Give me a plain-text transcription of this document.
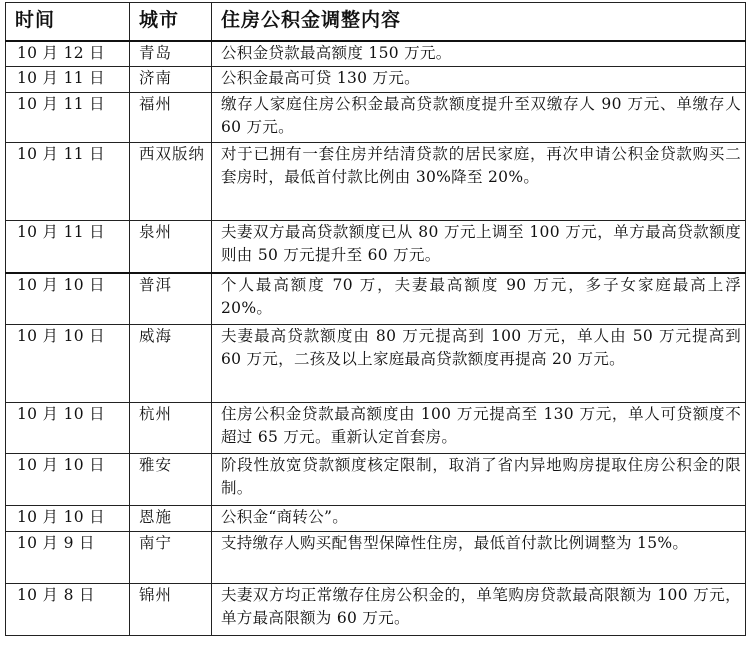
时间	城市	住房公积金调整内容
10 月 12 日	青岛	公积金贷款最高额度 150 万元。
10 月 11 日	济南	公积金最高可贷 130 万元。
10 月 11 日	福州	缴存人家庭住房公积金最高贷款额度提升至双缴存人 90 万元、单缴存人 60 万元。
10 月 11 日	西双版纳	对于已拥有一套住房并结清贷款的居民家庭，再次申请公积金贷款购买二套房时，最低首付款比例由 30%降至 20%。
10 月 11 日	泉州	夫妻双方最高贷款额度已从 80 万元上调至 100 万元，单方最高贷款额度则由 50 万元提升至 60 万元。
10 月 10 日	普洱	个人最高额度 70 万，夫妻最高额度 90 万元，多子女家庭最高上浮 20%。
10 月 10 日	威海	夫妻最高贷款额度由 80 万元提高到 100 万元，单人由 50 万元提高到 60 万元，二孩及以上家庭最高贷款额度再提高 20 万元。
10 月 10 日	杭州	住房公积金贷款最高额度由 100 万元提高至 130 万元，单人可贷额度不超过 65 万元。重新认定首套房。
10 月 10 日	雅安	阶段性放宽贷款额度核定限制，取消了省内异地购房提取住房公积金的限制。
10 月 10 日	恩施	公积金“商转公”。
10 月 9 日	南宁	支持缴存人购买配售型保障性住房，最低首付款比例调整为 15%。
10 月 8 日	锦州	夫妻双方均正常缴存住房公积金的，单笔购房贷款最高限额为 100 万元，单方最高限额为 60 万元。
